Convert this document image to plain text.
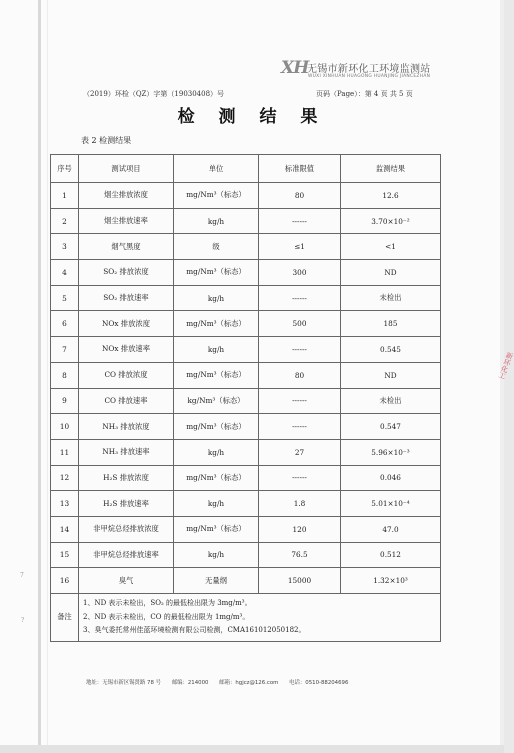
XH
无锡市新环化工环境监测站
WUXI XINHUAN HUAGONG HUANJING JIANCEZHAN
（2019）环检（QZ）字第（19030408）号	页码（Page）：第 4 页 共 5 页
检 测 结 果
表 2 检测结果
序号	测试项目	单位	标准限值	监测结果
1	烟尘排放浓度	mg/Nm³（标态）	80	12.6
2	烟尘排放速率	kg/h	------	3.70×10⁻²
3	烟气黑度	级	≤1	<1
4	SO₂ 排放浓度	mg/Nm³（标态）	300	ND
5	SO₂ 排放速率	kg/h	------	未检出
6	NOx 排放浓度	mg/Nm³（标态）	500	185
7	NOx 排放速率	kg/h	------	0.545
8	CO 排放浓度	mg/Nm³（标态）	80	ND
9	CO 排放速率	kg/Nm³（标态）	------	未检出
10	NH₃ 排放浓度	mg/Nm³（标态）	------	0.547
11	NH₃ 排放速率	kg/h	27	5.96×10⁻³
12	H₂S 排放浓度	mg/Nm³（标态）	------	0.046
13	H₂S 排放速率	kg/h	1.8	5.01×10⁻⁴
14	非甲烷总烃排放浓度	mg/Nm³（标态）	120	47.0
15	非甲烷总烃排放速率	kg/h	76.5	0.512
16	臭气	无量纲	15000	1.32×10³
备注	1、ND 表示未检出，SO₂ 的最低检出限为 3mg/m³。
2、ND 表示未检出，CO 的最低检出限为 1mg/m³。
3、臭气委托常州佳蓝环境检测有限公司检测，CMA161012050182。			
新环化工
7
?
地址：无锡市新区锡贤路 78 号 邮编：214000 邮箱：hgjcz@126.com 电话：0510-88204696
